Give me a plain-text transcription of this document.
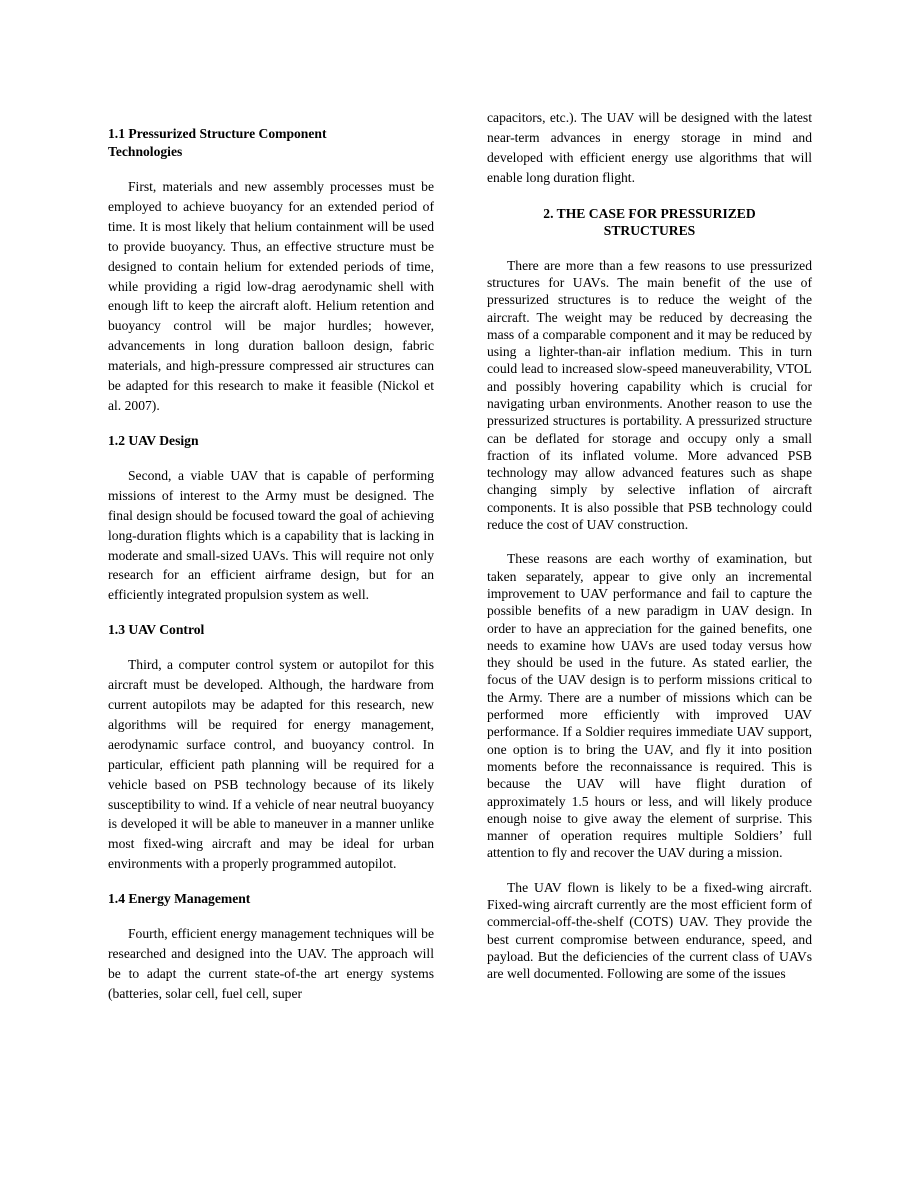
1.1 Pressurized Structure Component
Technologies

First, materials and new assembly processes must be employed to achieve buoyancy for an extended period of time. It is most likely that helium containment will be used to provide buoyancy. Thus, an effective structure must be designed to contain helium for extended periods of time, while providing a rigid low-drag aerodynamic shell with enough lift to keep the aircraft aloft. Helium retention and buoyancy control will be major hurdles; however, advancements in long duration balloon design, fabric materials, and high-pressure compressed air structures can be adapted for this research to make it feasible (Nickol et al. 2007).

1.2 UAV Design

Second, a viable UAV that is capable of performing missions of interest to the Army must be designed. The final design should be focused toward the goal of achieving long-duration flights which is a capability that is lacking in moderate and small-sized UAVs. This will require not only research for an efficient airframe design, but for an efficiently integrated propulsion system as well.

1.3 UAV Control

Third, a computer control system or autopilot for this aircraft must be developed. Although, the hardware from current autopilots may be adapted for this research, new algorithms will be required for energy management, aerodynamic surface control, and buoyancy control. In particular, efficient path planning will be required for a vehicle based on PSB technology because of its likely susceptibility to wind. If a vehicle of near neutral buoyancy is developed it will be able to maneuver in a manner unlike most fixed-wing aircraft and may be ideal for urban environments with a properly programmed autopilot.

1.4 Energy Management

Fourth, efficient energy management techniques will be researched and designed into the UAV. The approach will be to adapt the current state-of-the art energy systems (batteries, solar cell, fuel cell, super

capacitors, etc.). The UAV will be designed with the latest near-term advances in energy storage in mind and developed with efficient energy use algorithms that will enable long duration flight.

2. THE CASE FOR PRESSURIZED
STRUCTURES

There are more than a few reasons to use pressurized structures for UAVs. The main benefit of the use of pressurized structures is to reduce the weight of the aircraft. The weight may be reduced by decreasing the mass of a comparable component and it may be reduced by using a lighter-than-air inflation medium. This in turn could lead to increased slow-speed maneuverability, VTOL and possibly hovering capability which is crucial for navigating urban environments. Another reason to use the pressurized structures is portability. A pressurized structure can be deflated for storage and occupy only a small fraction of its inflated volume. More advanced PSB technology may allow advanced features such as shape changing simply by selective inflation of aircraft components. It is also possible that PSB technology could reduce the cost of UAV construction.

These reasons are each worthy of examination, but taken separately, appear to give only an incremental improvement to UAV performance and fail to capture the possible benefits of a new paradigm in UAV design. In order to have an appreciation for the gained benefits, one needs to examine how UAVs are used today versus how they should be used in the future. As stated earlier, the focus of the UAV design is to perform missions critical to the Army. There are a number of missions which can be performed more efficiently with improved UAV performance. If a Soldier requires immediate UAV support, one option is to bring the UAV, and fly it into position moments before the reconnaissance is required. This is because the UAV will have flight duration of approximately 1.5 hours or less, and will likely produce enough noise to give away the element of surprise. This manner of operation requires multiple Soldiers’ full attention to fly and recover the UAV during a mission.

The UAV flown is likely to be a fixed-wing aircraft. Fixed-wing aircraft currently are the most efficient form of commercial-off-the-shelf (COTS) UAV. They provide the best current compromise between endurance, speed, and payload. But the deficiencies of the current class of UAVs are well documented. Following are some of the issues
